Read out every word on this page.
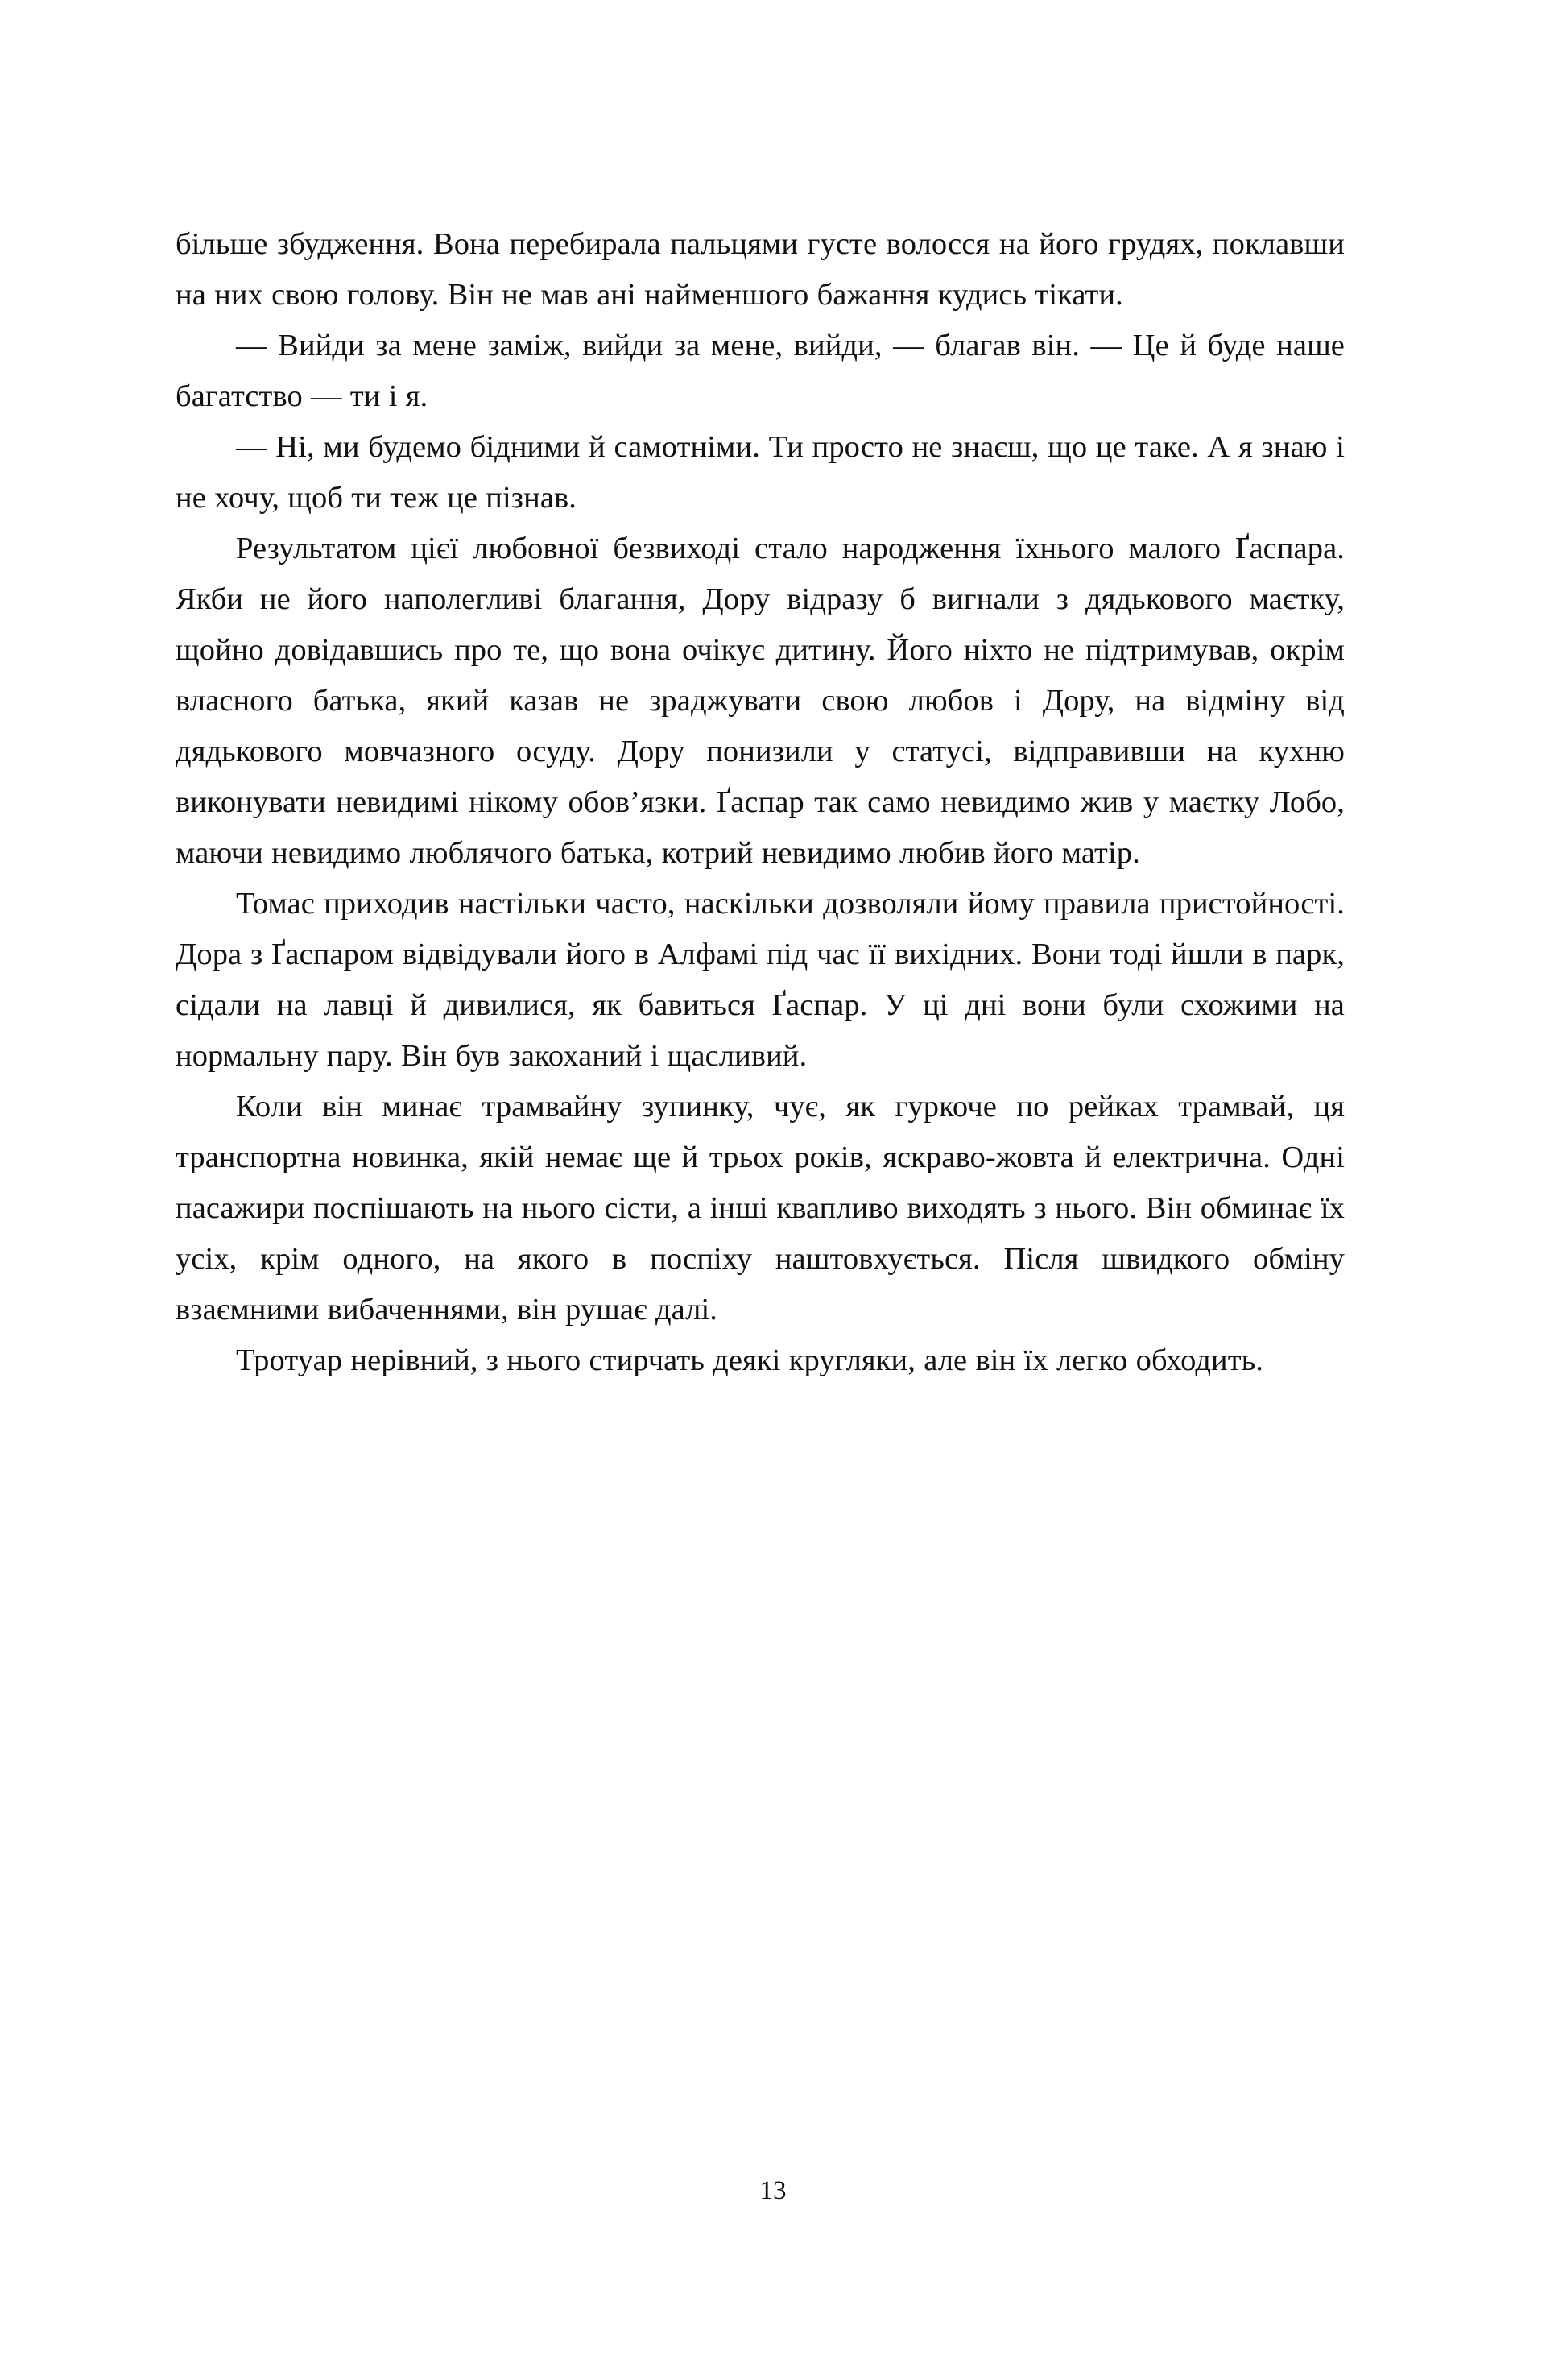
більше збудження. Вона перебирала пальцями густе волосся на його грудях, поклавши на них свою голову. Він не мав ані найменшого бажання кудись тікати.

— Вийди за мене заміж, вийди за мене, вийди, — благав він. — Це й буде наше багатство — ти і я.

— Ні, ми будемо бідними й самотніми. Ти просто не знаєш, що це таке. А я знаю і не хочу, щоб ти теж це пізнав.

Результатом цієї любовної безвиході стало народження їхнього малого Ґаспара. Якби не його наполегливі благання, Дору відразу б вигнали з дядькового маєтку, щойно довідавшись про те, що вона очікує дитину. Його ніхто не підтримував, окрім власного батька, який казав не зраджувати свою любов і Дору, на відміну від дядькового мовчазного осуду. Дору понизили у статусі, відправивши на кухню виконувати невидимі нікому обов’язки. Ґаспар так само невидимо жив у маєтку Лобо, маючи невидимо люблячого батька, котрий невидимо любив його матір.

Томас приходив настільки часто, наскільки дозволяли йому правила пристойності. Дора з Ґаспаром відвідували його в Алфамі під час її вихідних. Вони тоді йшли в парк, сідали на лавці й дивилися, як бавиться Ґаспар. У ці дні вони були схожими на нормальну пару. Він був закоханий і щасливий.

Коли він минає трамвайну зупинку, чує, як гуркоче по рейках трамвай, ця транспортна новинка, якій немає ще й трьох років, яскраво-жовта й електрична. Одні пасажири поспішають на нього сісти, а інші квапливо виходять з нього. Він обминає їх усіх, крім одного, на якого в поспіху наштовхується. Після швидкого обміну взаємними вибаченнями, він рушає далі.

Тротуар нерівний, з нього стирчать деякі кругляки, але він їх легко обходить.

13
